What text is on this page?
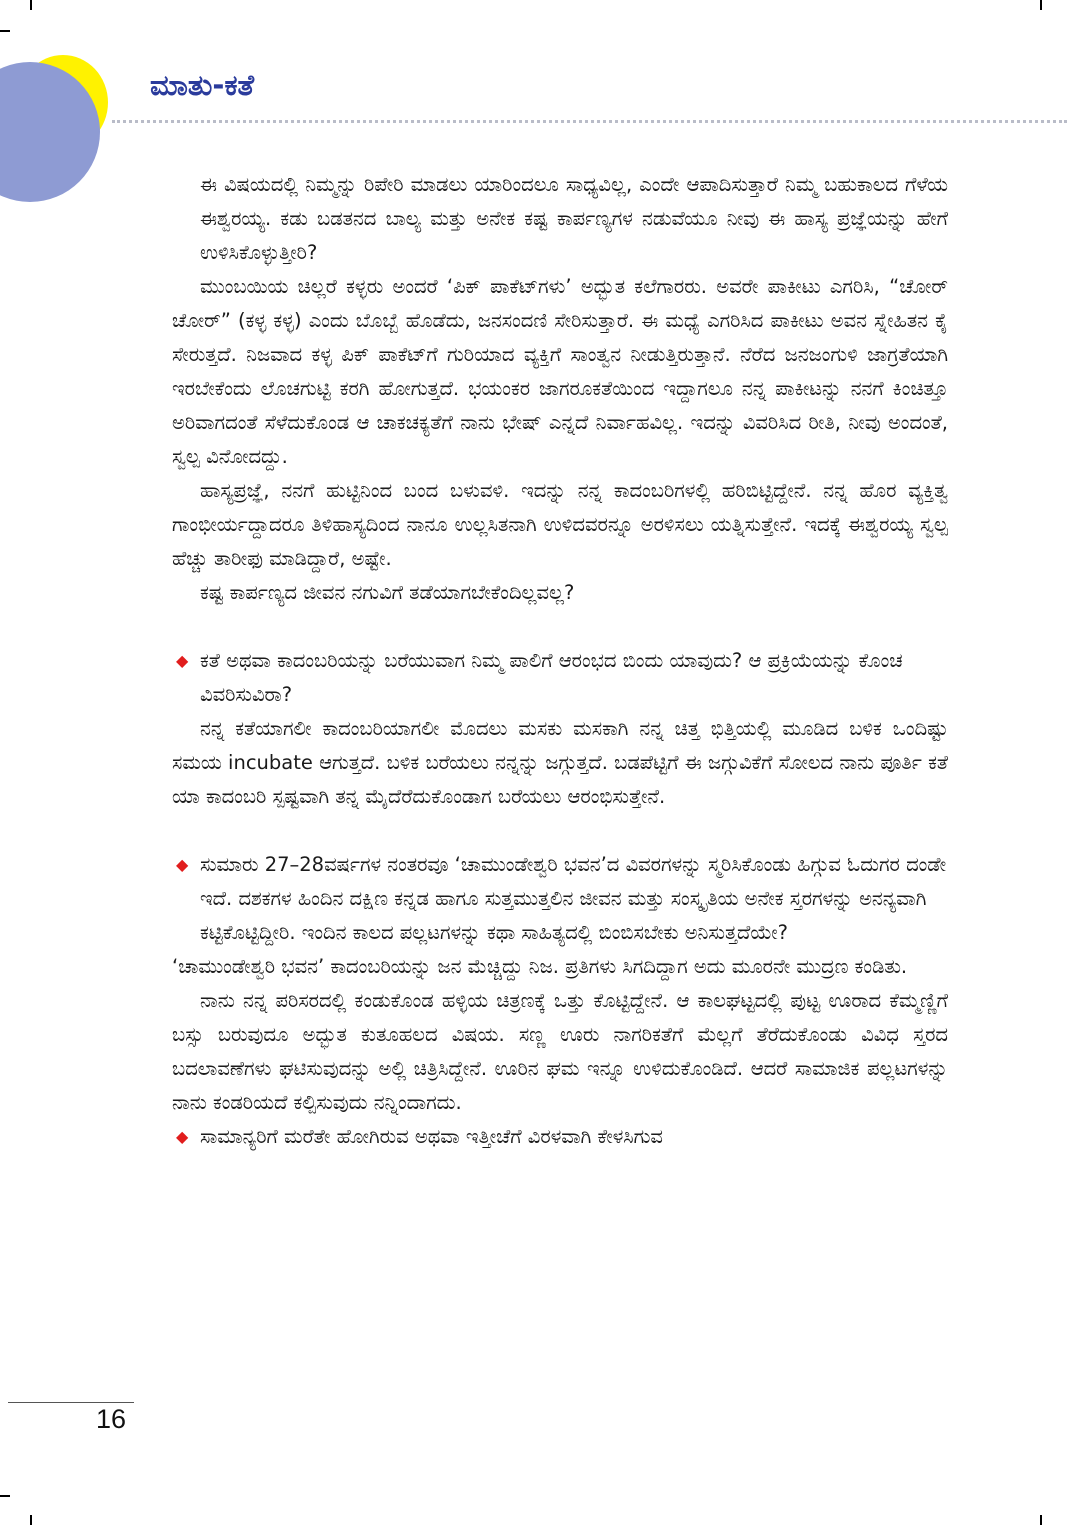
ಮಾತು-ಕತೆ

ಈ ವಿಷಯದಲ್ಲಿ ನಿಮ್ಮನ್ನು ರಿಪೇರಿ ಮಾಡಲು ಯಾರಿಂದಲೂ ಸಾಧ್ಯವಿಲ್ಲ, ಎಂದೇ ಆಪಾದಿಸುತ್ತಾರೆ ನಿಮ್ಮ ಬಹುಕಾಲದ ಗೆಳೆಯ ಈಶ್ವರಯ್ಯ. ಕಡು ಬಡತನದ ಬಾಲ್ಯ ಮತ್ತು ಅನೇಕ ಕಷ್ಟ ಕಾರ್ಪಣ್ಯಗಳ ನಡುವೆಯೂ ನೀವು ಈ ಹಾಸ್ಯ ಪ್ರಜ್ಞೆಯನ್ನು ಹೇಗೆ ಉಳಿಸಿಕೊಳ್ಳುತ್ತೀರಿ?

ಮುಂಬಯಿಯ ಚಿಲ್ಲರೆ ಕಳ್ಳರು ಅಂದರೆ ‘ಪಿಕ್ ಪಾಕೆಟ್‌ಗಳು’ ಅದ್ಭುತ ಕಲೆಗಾರರು. ಅವರೇ ಪಾಕೀಟು ಎಗರಿಸಿ, “ಚೋರ್ ಚೋರ್” (ಕಳ್ಳ ಕಳ್ಳ) ಎಂದು ಬೊಬ್ಬೆ ಹೊಡೆದು, ಜನಸಂದಣಿ ಸೇರಿಸುತ್ತಾರೆ. ಈ ಮಧ್ಯೆ ಎಗರಿಸಿದ ಪಾಕೀಟು ಅವನ ಸ್ನೇಹಿತನ ಕೈ ಸೇರುತ್ತದೆ. ನಿಜವಾದ ಕಳ್ಳ ಪಿಕ್ ಪಾಕೆಟ್‌ಗೆ ಗುರಿಯಾದ ವ್ಯಕ್ತಿಗೆ ಸಾಂತ್ವನ ನೀಡುತ್ತಿರುತ್ತಾನೆ. ನೆರೆದ ಜನಜಂಗುಳಿ ಜಾಗ್ರತೆಯಾಗಿ ಇರಬೇಕೆಂದು ಲೊಚಗುಟ್ಟಿ ಕರಗಿ ಹೋಗುತ್ತದೆ. ಭಯಂಕರ ಜಾಗರೂಕತೆಯಿಂದ ಇದ್ದಾಗಲೂ ನನ್ನ ಪಾಕೀಟನ್ನು ನನಗೆ ಕಿಂಚಿತ್ತೂ ಅರಿವಾಗದಂತೆ ಸೆಳೆದುಕೊಂಡ ಆ ಚಾಕಚಕ್ಯತೆಗೆ ನಾನು ಭೇಷ್ ಎನ್ನದೆ ನಿರ್ವಾಹವಿಲ್ಲ. ಇದನ್ನು ವಿವರಿಸಿದ ರೀತಿ, ನೀವು ಅಂದಂತೆ, ಸ್ವಲ್ಪ ವಿನೋದದ್ದು.

ಹಾಸ್ಯಪ್ರಜ್ಞೆ, ನನಗೆ ಹುಟ್ಟಿನಿಂದ ಬಂದ ಬಳುವಳಿ. ಇದನ್ನು ನನ್ನ ಕಾದಂಬರಿಗಳಲ್ಲಿ ಹರಿಬಿಟ್ಟಿದ್ದೇನೆ. ನನ್ನ ಹೊರ ವ್ಯಕ್ತಿತ್ವ ಗಾಂಭೀರ್ಯದ್ದಾದರೂ ತಿಳಿಹಾಸ್ಯದಿಂದ ನಾನೂ ಉಲ್ಲಸಿತನಾಗಿ ಉಳಿದವರನ್ನೂ ಅರಳಿಸಲು ಯತ್ನಿಸುತ್ತೇನೆ. ಇದಕ್ಕೆ ಈಶ್ವರಯ್ಯ ಸ್ವಲ್ಪ ಹೆಚ್ಚು ತಾರೀಫು ಮಾಡಿದ್ದಾರೆ, ಅಷ್ಟೇ.

ಕಷ್ಟ ಕಾರ್ಪಣ್ಯದ ಜೀವನ ನಗುವಿಗೆ ತಡೆಯಾಗಬೇಕೆಂದಿಲ್ಲವಲ್ಲ?

◆ ಕತೆ ಅಥವಾ ಕಾದಂಬರಿಯನ್ನು ಬರೆಯುವಾಗ ನಿಮ್ಮ ಪಾಲಿಗೆ ಆರಂಭದ ಬಿಂದು ಯಾವುದು? ಆ ಪ್ರಕ್ರಿಯೆಯನ್ನು ಕೊಂಚ ವಿವರಿಸುವಿರಾ?

ನನ್ನ ಕತೆಯಾಗಲೀ ಕಾದಂಬರಿಯಾಗಲೀ ಮೊದಲು ಮಸಕು ಮಸಕಾಗಿ ನನ್ನ ಚಿತ್ತ ಭಿತ್ತಿಯಲ್ಲಿ ಮೂಡಿದ ಬಳಿಕ ಒಂದಿಷ್ಟು ಸಮಯ incubate ಆಗುತ್ತದೆ. ಬಳಿಕ ಬರೆಯಲು ನನ್ನನ್ನು ಜಗ್ಗುತ್ತದೆ. ಬಡಪೆಟ್ಟಿಗೆ ಈ ಜಗ್ಗುವಿಕೆಗೆ ಸೋಲದ ನಾನು ಪೂರ್ತಿ ಕತೆ ಯಾ ಕಾದಂಬರಿ ಸ್ಪಷ್ಟವಾಗಿ ತನ್ನ ಮೈದೆರೆದುಕೊಂಡಾಗ ಬರೆಯಲು ಆರಂಭಿಸುತ್ತೇನೆ.

◆ ಸುಮಾರು 27–28ವರ್ಷಗಳ ನಂತರವೂ ‘ಚಾಮುಂಡೇಶ್ವರಿ ಭವನ’ದ ವಿವರಗಳನ್ನು ಸ್ಮರಿಸಿಕೊಂಡು ಹಿಗ್ಗುವ ಓದುಗರ ದಂಡೇ ಇದೆ. ದಶಕಗಳ ಹಿಂದಿನ ದಕ್ಷಿಣ ಕನ್ನಡ ಹಾಗೂ ಸುತ್ತಮುತ್ತಲಿನ ಜೀವನ ಮತ್ತು ಸಂಸ್ಕೃತಿಯ ಅನೇಕ ಸ್ತರಗಳನ್ನು ಅನನ್ಯವಾಗಿ ಕಟ್ಟಿಕೊಟ್ಟಿದ್ದೀರಿ. ಇಂದಿನ ಕಾಲದ ಪಲ್ಲಟಗಳನ್ನು ಕಥಾ ಸಾಹಿತ್ಯದಲ್ಲಿ ಬಿಂಬಿಸಬೇಕು ಅನಿಸುತ್ತದೆಯೇ?

‘ಚಾಮುಂಡೇಶ್ವರಿ ಭವನ’ ಕಾದಂಬರಿಯನ್ನು ಜನ ಮೆಚ್ಚಿದ್ದು ನಿಜ. ಪ್ರತಿಗಳು ಸಿಗದಿದ್ದಾಗ ಅದು ಮೂರನೇ ಮುದ್ರಣ ಕಂಡಿತು.

ನಾನು ನನ್ನ ಪರಿಸರದಲ್ಲಿ ಕಂಡುಕೊಂಡ ಹಳ್ಳಿಯ ಚಿತ್ರಣಕ್ಕೆ ಒತ್ತು ಕೊಟ್ಟಿದ್ದೇನೆ. ಆ ಕಾಲಘಟ್ಟದಲ್ಲಿ ಪುಟ್ಟ ಊರಾದ ಕೆಮ್ಮಣ್ಣಿಗೆ ಬಸ್ಸು ಬರುವುದೂ ಅದ್ಭುತ ಕುತೂಹಲದ ವಿಷಯ. ಸಣ್ಣ ಊರು ನಾಗರಿಕತೆಗೆ ಮೆಲ್ಲಗೆ ತೆರೆದುಕೊಂಡು ವಿವಿಧ ಸ್ತರದ ಬದಲಾವಣೆಗಳು ಘಟಿಸುವುದನ್ನು ಅಲ್ಲಿ ಚಿತ್ರಿಸಿದ್ದೇನೆ. ಊರಿನ ಘಮ ಇನ್ನೂ ಉಳಿದುಕೊಂಡಿದೆ. ಆದರೆ ಸಾಮಾಜಿಕ ಪಲ್ಲಟಗಳನ್ನು ನಾನು ಕಂಡರಿಯದೆ ಕಲ್ಪಿಸುವುದು ನನ್ನಿಂದಾಗದು.

◆ ಸಾಮಾನ್ಯರಿಗೆ ಮರೆತೇ ಹೋಗಿರುವ ಅಥವಾ ಇತ್ತೀಚೆಗೆ ವಿರಳವಾಗಿ ಕೇಳಸಿಗುವ
16
